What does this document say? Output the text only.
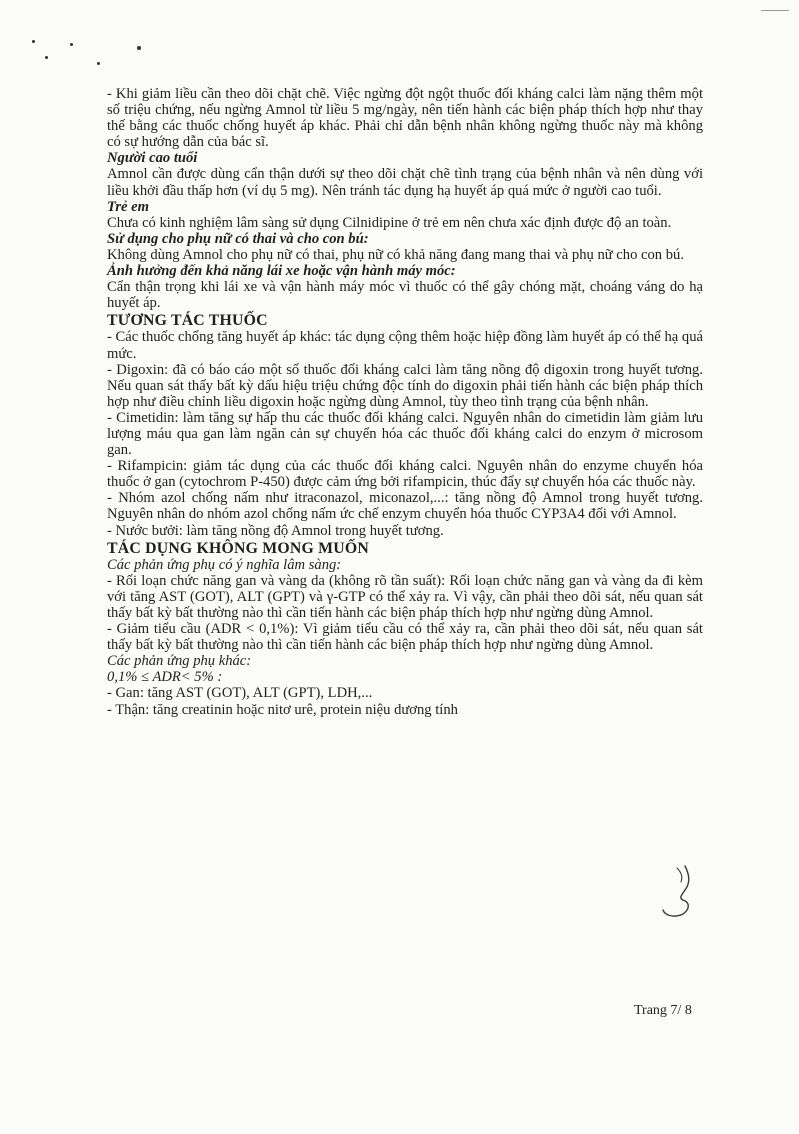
- Khi giảm liều cần theo dõi chặt chẽ. Việc ngừng đột ngột thuốc đối kháng calci làm nặng thêm một số triệu chứng, nếu ngừng Amnol từ liều 5 mg/ngày, nên tiến hành các biện pháp thích hợp như thay thế bằng các thuốc chống huyết áp khác. Phải chỉ dẫn bệnh nhân không ngừng thuốc này mà không có sự hướng dẫn của bác sĩ.

Người cao tuổi

Amnol cần được dùng cẩn thận dưới sự theo dõi chặt chẽ tình trạng của bệnh nhân và nên dùng với liều khởi đầu thấp hơn (ví dụ 5 mg). Nên tránh tác dụng hạ huyết áp quá mức ở người cao tuổi.

Trẻ em

Chưa có kinh nghiệm lâm sàng sử dụng Cilnidipine ở trẻ em nên chưa xác định được độ an toàn.

Sử dụng cho phụ nữ có thai và cho con bú:

Không dùng Amnol cho phụ nữ có thai, phụ nữ có khả năng đang mang thai và phụ nữ cho con bú.

Ảnh hưởng đến khả năng lái xe hoặc vận hành máy móc:

Cẩn thận trọng khi lái xe và vận hành máy móc vì thuốc có thể gây chóng mặt, choáng váng do hạ huyết áp.

TƯƠNG TÁC THUỐC

- Các thuốc chống tăng huyết áp khác: tác dụng cộng thêm hoặc hiệp đồng làm huyết áp có thể hạ quá mức.

- Digoxin: đã có báo cáo một số thuốc đối kháng calci làm tăng nồng độ digoxin trong huyết tương. Nếu quan sát thấy bất kỳ dấu hiệu triệu chứng độc tính do digoxin phải tiến hành các biện pháp thích hợp như điều chỉnh liều digoxin hoặc ngừng dùng Amnol, tùy theo tình trạng của bệnh nhân.

- Cimetidin: làm tăng sự hấp thu các thuốc đối kháng calci. Nguyên nhân do cimetidin làm giảm lưu lượng máu qua gan làm ngăn cản sự chuyển hóa các thuốc đối kháng calci do enzym ở microsom gan.

- Rifampicin: giảm tác dụng của các thuốc đối kháng calci. Nguyên nhân do enzyme chuyển hóa thuốc ở gan (cytochrom P-450) được cảm ứng bởi rifampicin, thúc đẩy sự chuyển hóa các thuốc này.

- Nhóm azol chống nấm như itraconazol, miconazol,...: tăng nồng độ Amnol trong huyết tương. Nguyên nhân do nhóm azol chống nấm ức chế enzym chuyển hóa thuốc CYP3A4 đối với Amnol.

- Nước bưởi: làm tăng nồng độ Amnol trong huyết tương.

TÁC DỤNG KHÔNG MONG MUỐN

Các phản ứng phụ có ý nghĩa lâm sàng:

- Rối loạn chức năng gan và vàng da (không rõ tần suất): Rối loạn chức năng gan và vàng da đi kèm với tăng AST (GOT), ALT (GPT) và γ-GTP có thể xảy ra. Vì vậy, cần phải theo dõi sát, nếu quan sát thấy bất kỳ bất thường nào thì cần tiến hành các biện pháp thích hợp như ngừng dùng Amnol.

- Giảm tiểu cầu (ADR < 0,1%): Vì giảm tiểu cầu có thể xảy ra, cần phải theo dõi sát, nếu quan sát thấy bất kỳ bất thường nào thì cần tiến hành các biện pháp thích hợp như ngừng dùng Amnol.

Các phản ứng phụ khác:

0,1% ≤ ADR< 5% :

- Gan: tăng AST (GOT), ALT (GPT), LDH,...

- Thận: tăng creatinin hoặc nitơ urê, protein niệu dương tính

Trang 7/ 8
